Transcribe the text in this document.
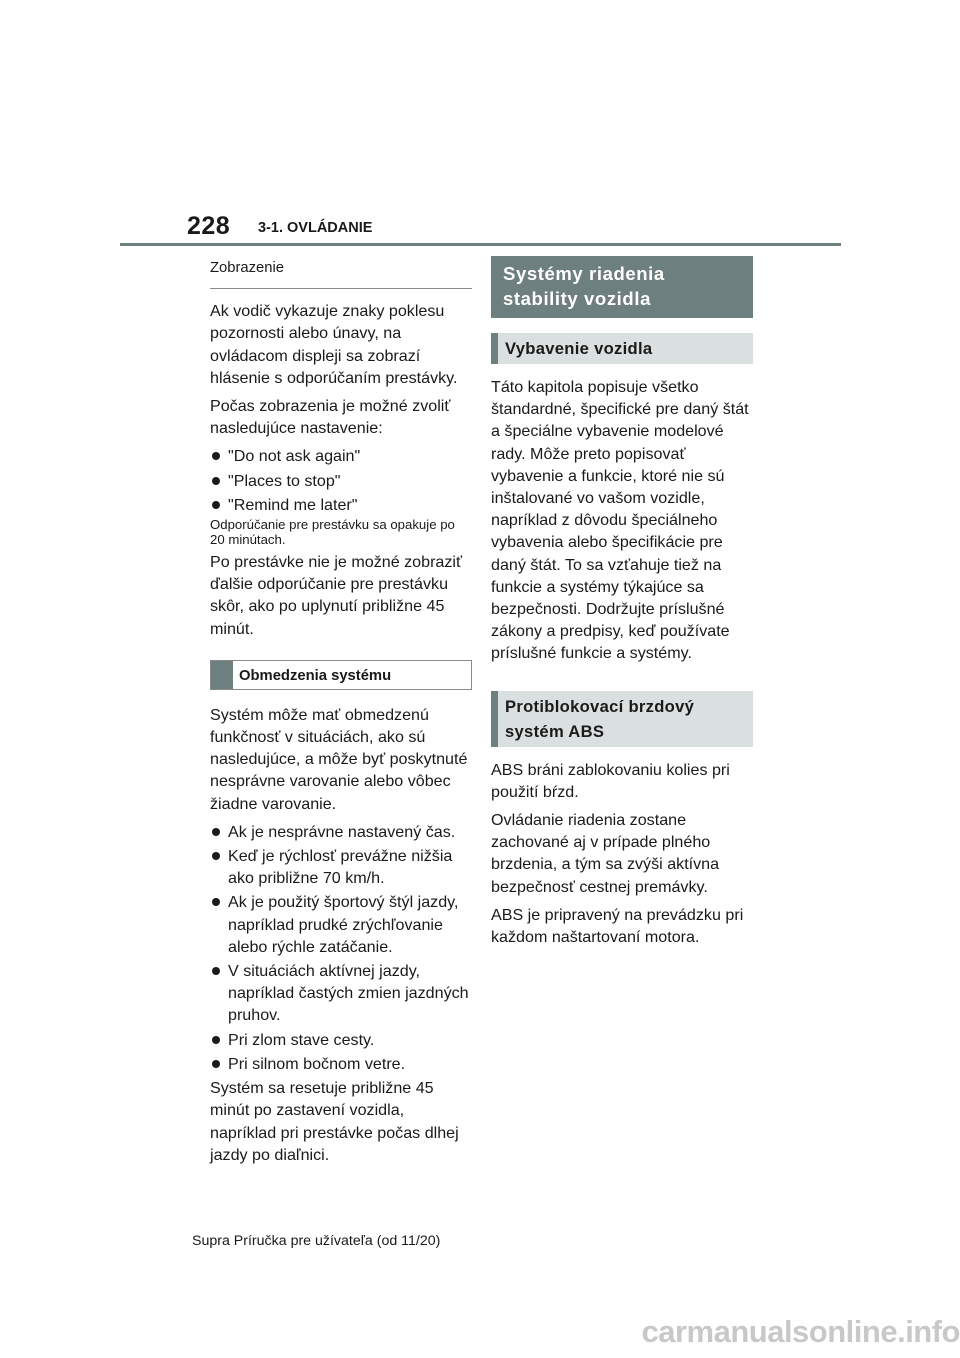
228 3-1. OVLÁDANIE
Zobrazenie

Ak vodič vykazuje znaky poklesu pozornosti alebo únavy, na ovládacom displeji sa zobrazí hlásenie s odporúčaním prestávky.

Počas zobrazenia je možné zvoliť nasledujúce nastavenie:

"Do not ask again"
"Places to stop"
"Remind me later"

Odporúčanie pre prestávku sa opakuje po 20 minútach.

Po prestávke nie je možné zobraziť ďalšie odporúčanie pre prestávku skôr, ako po uplynutí približne 45 minút.

Obmedzenia systému

Systém môže mať obmedzenú funkčnosť v situáciách, ako sú nasledujúce, a môže byť poskytnuté nesprávne varovanie alebo vôbec žiadne varovanie.

Ak je nesprávne nastavený čas.
Keď je rýchlosť prevážne nižšia ako približne 70 km/h.
Ak je použitý športový štýl jazdy, napríklad prudké zrýchľovanie alebo rýchle zatáčanie.
V situáciách aktívnej jazdy, napríklad častých zmien jazdných pruhov.
Pri zlom stave cesty.
Pri silnom bočnom vetre.

Systém sa resetuje približne 45 minút po zastavení vozidla, napríklad pri prestávke počas dlhej jazdy po diaľnici.

Systémy riadenia stability vozidla
Vybavenie vozidla

Táto kapitola popisuje všetko štandardné, špecifické pre daný štát a špeciálne vybavenie modelové rady. Môže preto popisovať vybavenie a funkcie, ktoré nie sú inštalované vo vašom vozidle, napríklad z dôvodu špeciálneho vybavenia alebo špecifikácie pre daný štát. To sa vzťahuje tiež na funkcie a systémy týkajúce sa bezpečnosti. Dodržujte príslušné zákony a predpisy, keď používate príslušné funkcie a systémy.

Protiblokovací brzdový systém ABS

ABS bráni zablokovaniu kolies pri použití bŕzd.

Ovládanie riadenia zostane zachované aj v prípade plného brzdenia, a tým sa zvýši aktívna bezpečnosť cestnej premávky.

ABS je pripravený na prevádzku pri každom naštartovaní motora.

Supra Príručka pre užívateľa (od 11/20)
carmanualsonline.info
